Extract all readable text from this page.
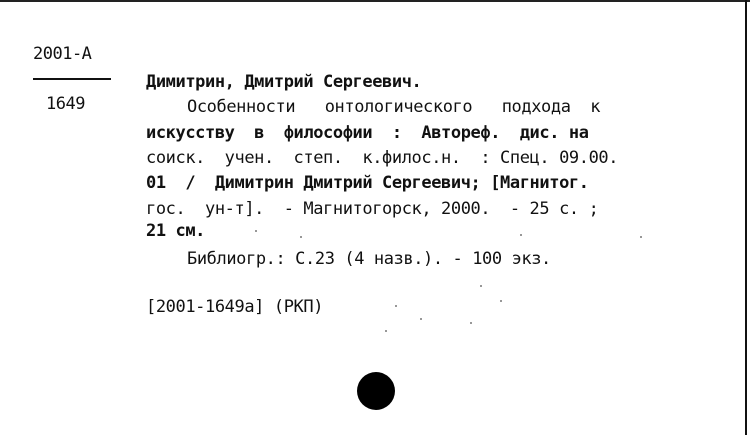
2001-А
1649
Димитрин, Дмитрий Сергеевич.
Особенности   онтологического   подхода  к
искусству  в  философии  :  Автореф.  дис. на
соиск.  учен.  степ.  к.филос.н.  : Спец. 09.00.
01  /  Димитрин Дмитрий Сергеевич; [Магнитог.
гос.  ун-т].  - Магнитогорск, 2000.  - 25 с. ;
21 см.
Библиогр.: С.23 (4 назв.). - 100 экз.
[2001-1649а] (РКП)
